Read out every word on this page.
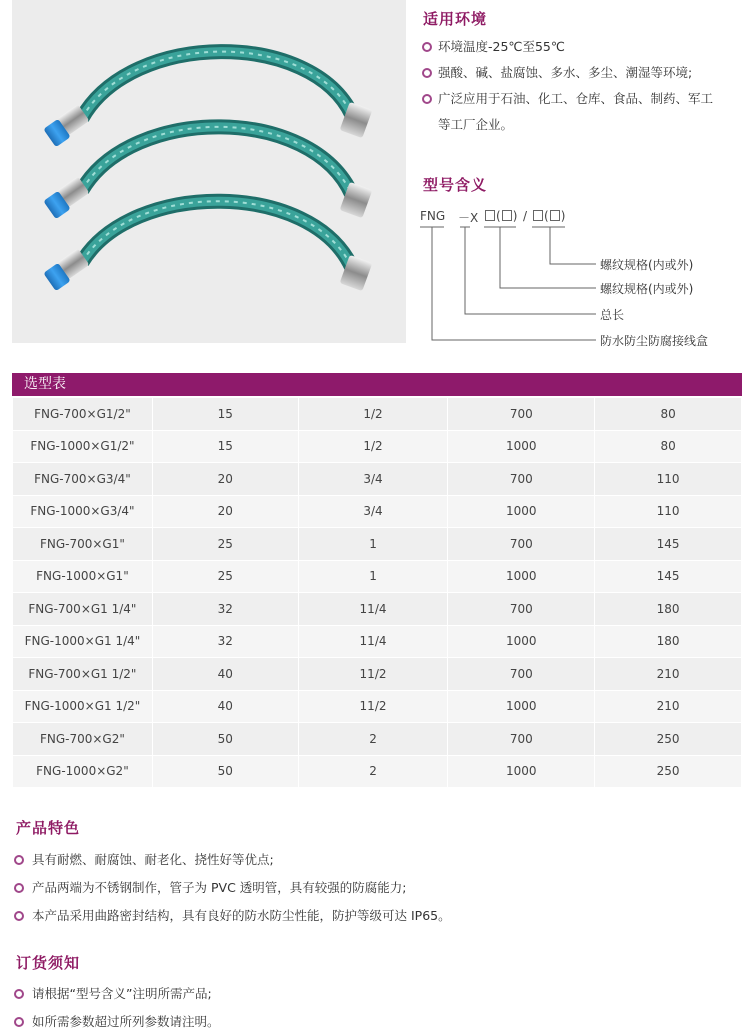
适用环境
环境温度-25℃至55℃
强酸、碱、盐腐蚀、多水、多尘、潮湿等环境;
广泛应用于石油、化工、仓库、食品、制药、军工
等工厂企业。
型号含义
FNG －X	( ) /	( )
螺纹规格(内或外)
螺纹规格(内或外)
总长
防水防尘防腐接线盒
选型表
FNG-700×G1/2"	15	1/2	700	80
FNG-1000×G1/2"	15	1/2	1000	80
FNG-700×G3/4"	20	3/4	700	110
FNG-1000×G3/4"	20	3/4	1000	110
FNG-700×G1"	25	1	700	145
FNG-1000×G1"	25	1	1000	145
FNG-700×G1 1/4"	32	11/4	700	180
FNG-1000×G1 1/4"	32	11/4	1000	180
FNG-700×G1 1/2"	40	11/2	700	210
FNG-1000×G1 1/2"	40	11/2	1000	210
FNG-700×G2"	50	2	700	250
FNG-1000×G2"	50	2	1000	250
产品特色
具有耐燃、耐腐蚀、耐老化、挠性好等优点;
产品两端为不锈钢制作，管子为 PVC 透明管，具有较强的防腐能力;
本产品采用曲路密封结构，具有良好的防水防尘性能，防护等级可达 IP65。
订货须知
请根据“型号含义”注明所需产品;
如所需参数超过所列参数请注明。
